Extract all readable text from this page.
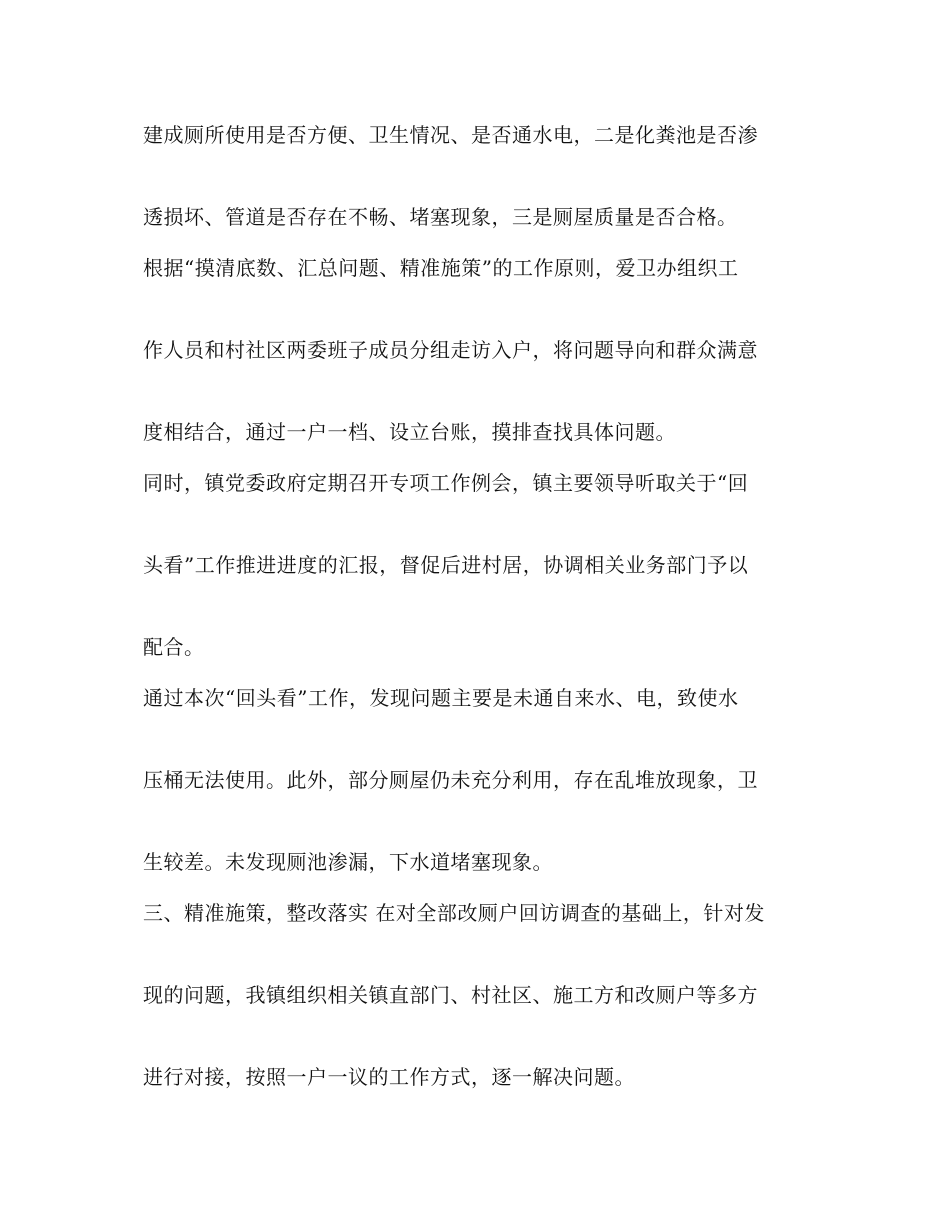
建成厕所使用是否方便、卫生情况、是否通水电，二是化粪池是否渗
透损坏、管道是否存在不畅、堵塞现象，三是厕屋质量是否合格。
根据“摸清底数、汇总问题、精准施策”的工作原则，爱卫办组织工
作人员和村社区两委班子成员分组走访入户，将问题导向和群众满意
度相结合，通过一户一档、设立台账，摸排查找具体问题。
同时，镇党委政府定期召开专项工作例会，镇主要领导听取关于“回
头看”工作推进进度的汇报，督促后进村居，协调相关业务部门予以
配合。
通过本次“回头看”工作，发现问题主要是未通自来水、电，致使水
压桶无法使用。此外，部分厕屋仍未充分利用，存在乱堆放现象，卫
生较差。未发现厕池渗漏，下水道堵塞现象。
三、精准施策，整改落实 在对全部改厕户回访调查的基础上，针对发
现的问题，我镇组织相关镇直部门、村社区、施工方和改厕户等多方
进行对接，按照一户一议的工作方式，逐一解决问题。
